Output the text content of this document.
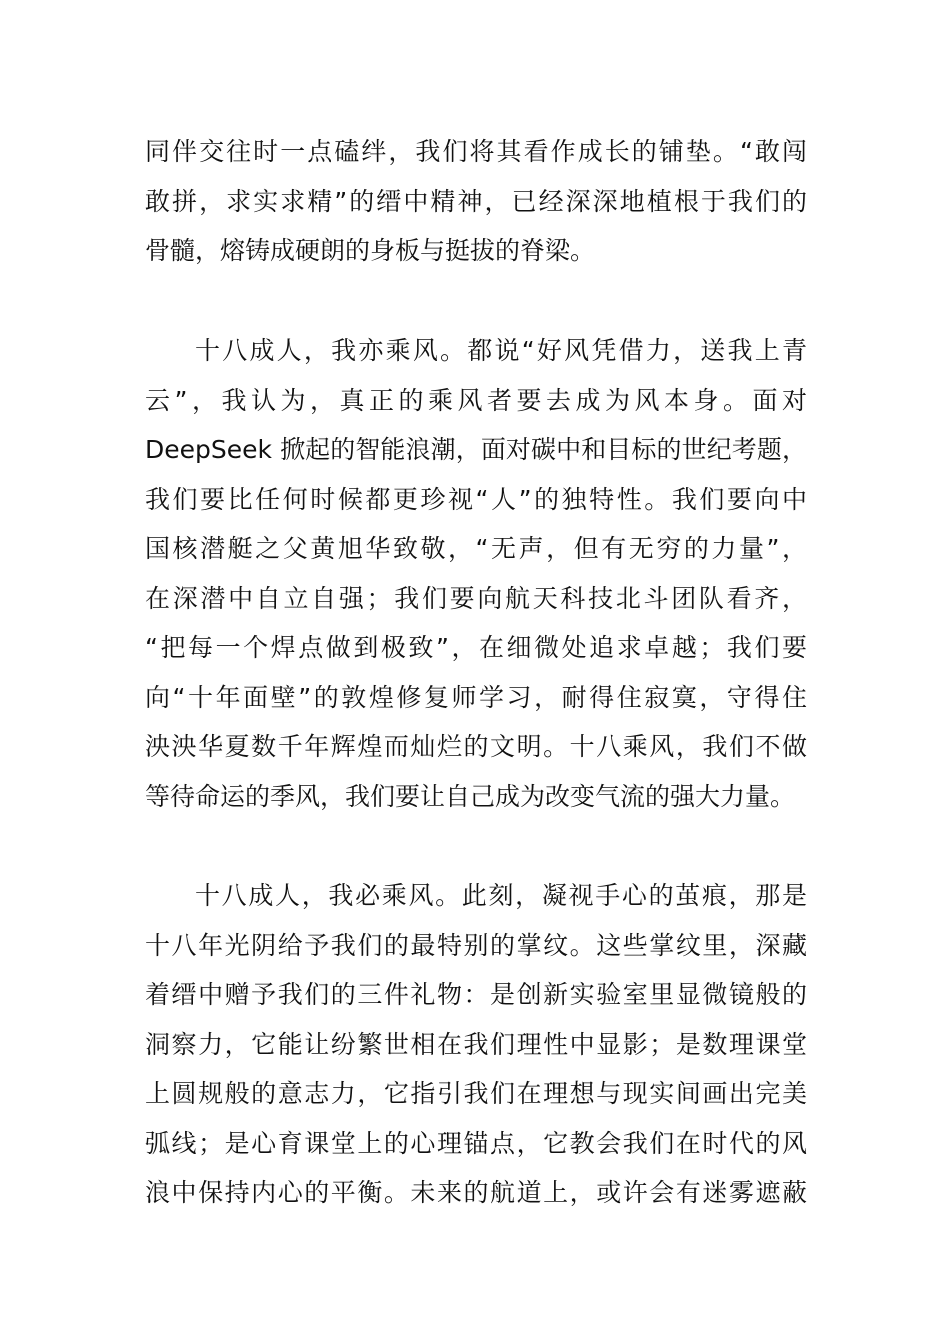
同伴交往时一点磕绊，我们将其看作成长的铺垫。“敢闯
敢拼，求实求精”的缙中精神，已经深深地植根于我们的
骨髓，熔铸成硬朗的身板与挺拔的脊梁。
十八成人，我亦乘风。都说“好风凭借力，送我上青
云”，我认为，真正的乘风者要去成为风本身。面对
DeepSeek 掀起的智能浪潮，面对碳中和目标的世纪考题，
我们要比任何时候都更珍视“人”的独特性。我们要向中
国核潜艇之父黄旭华致敬，“无声，但有无穷的力量”，
在深潜中自立自强；我们要向航天科技北斗团队看齐，
“把每一个焊点做到极致”，在细微处追求卓越；我们要
向“十年面壁”的敦煌修复师学习，耐得住寂寞，守得住
泱泱华夏数千年辉煌而灿烂的文明。十八乘风，我们不做
等待命运的季风，我们要让自己成为改变气流的强大力量。
十八成人，我必乘风。此刻，凝视手心的茧痕，那是
十八年光阴给予我们的最特别的掌纹。这些掌纹里，深藏
着缙中赠予我们的三件礼物：是创新实验室里显微镜般的
洞察力，它能让纷繁世相在我们理性中显影；是数理课堂
上圆规般的意志力，它指引我们在理想与现实间画出完美
弧线；是心育课堂上的心理锚点，它教会我们在时代的风
浪中保持内心的平衡。未来的航道上，或许会有迷雾遮蔽
